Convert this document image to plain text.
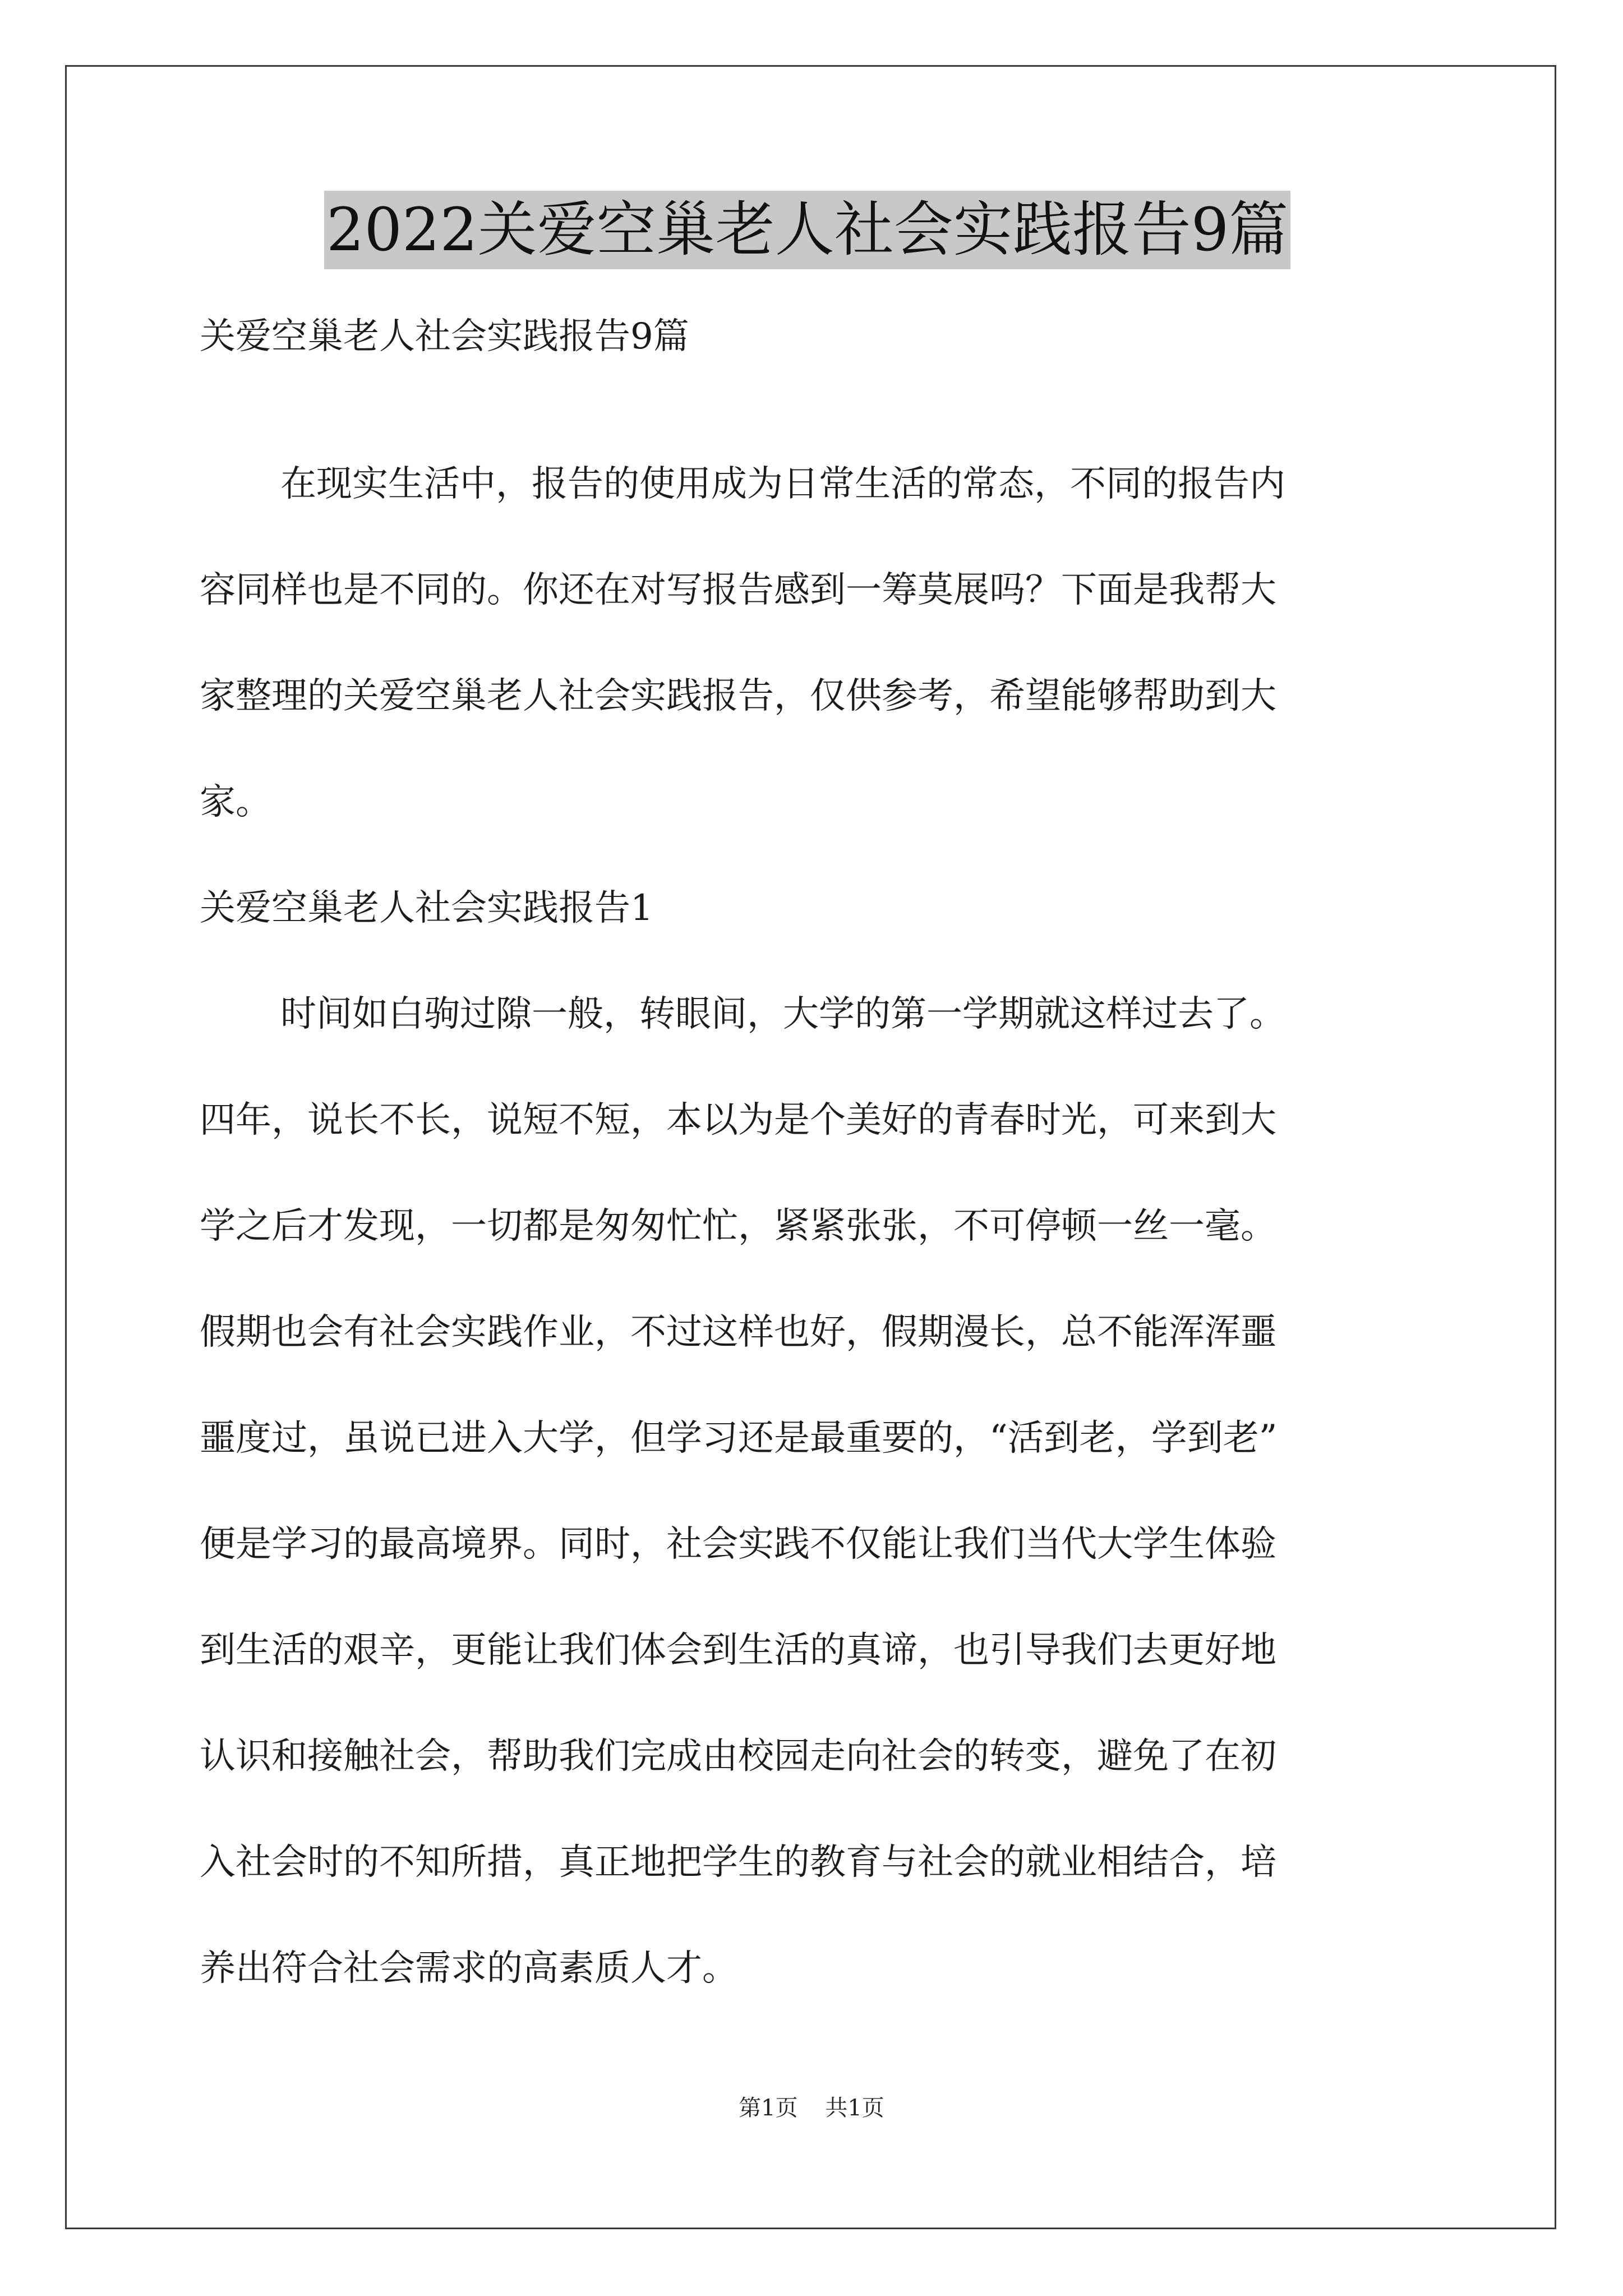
2022关爱空巢老人社会实践报告9篇
关爱空巢老人社会实践报告9篇
在现实生活中，报告的使用成为日常生活的常态，不同的报告内
容同样也是不同的。你还在对写报告感到一筹莫展吗？下面是我帮大
家整理的关爱空巢老人社会实践报告，仅供参考，希望能够帮助到大
家。
关爱空巢老人社会实践报告1
时间如白驹过隙一般，转眼间，大学的第一学期就这样过去了。
四年，说长不长，说短不短，本以为是个美好的青春时光，可来到大
学之后才发现，一切都是匆匆忙忙，紧紧张张，不可停顿一丝一毫。
假期也会有社会实践作业，不过这样也好，假期漫长，总不能浑浑噩
噩度过，虽说已进入大学，但学习还是最重要的，“活到老，学到老”
便是学习的最高境界。同时，社会实践不仅能让我们当代大学生体验
到生活的艰辛，更能让我们体会到生活的真谛，也引导我们去更好地
认识和接触社会，帮助我们完成由校园走向社会的转变，避免了在初
入社会时的不知所措，真正地把学生的教育与社会的就业相结合，培
养出符合社会需求的高素质人才。
第1页 共1页
